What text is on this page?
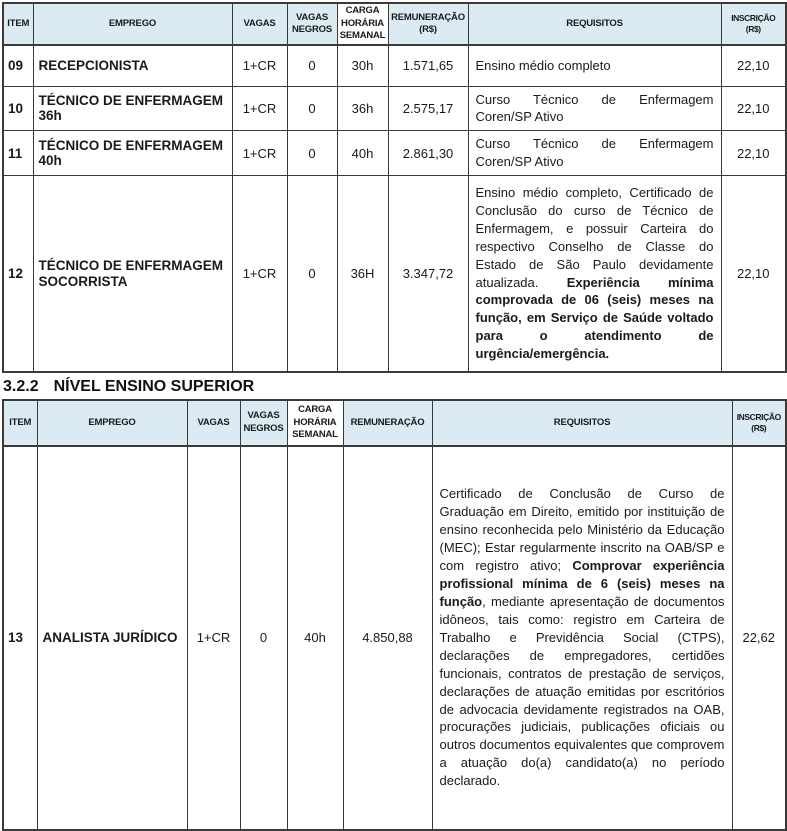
ITEM	EMPREGO	VAGAS	VAGAS NEGROS	CARGA HORÁRIA SEMANAL	REMUNERAÇÃO (R$)	REQUISITOS	INSCRIÇÃO (R$)
09	RECEPCIONISTA	1+CR	0	30h	1.571,65	Ensino médio completo	22,10
10	TÉCNICO DE ENFERMAGEM 36h	1+CR	0	36h	2.575,17	Curso Técnico de Enfermagem Coren/SP Ativo	22,10
11	TÉCNICO DE ENFERMAGEM 40h	1+CR	0	40h	2.861,30	Curso Técnico de Enfermagem Coren/SP Ativo	22,10
12	TÉCNICO DE ENFERMAGEM SOCORRISTA	1+CR	0	36H	3.347,72	Ensino médio completo, Certificado de Conclusão do curso de Técnico de Enfermagem, e possuir Carteira do respectivo Conselho de Classe do Estado de São Paulo devidamente atualizada. Experiência mínima comprovada de 06 (seis) meses na função, em Serviço de Saúde voltado para o atendimento de urgência/emergência.	22,10
3.2.2 NÍVEL ENSINO SUPERIOR
ITEM	EMPREGO	VAGAS	VAGAS NEGROS	CARGA HORÁRIA SEMANAL	REMUNERAÇÃO	REQUISITOS	INSCRIÇÃO (R$)
13	ANALISTA JURÍDICO	1+CR	0	40h	4.850,88	Certificado de Conclusão de Curso de Graduação em Direito, emitido por instituição de ensino reconhecida pelo Ministério da Educação (MEC); Estar regularmente inscrito na OAB/SP e com registro ativo; Comprovar experiência profissional mínima de 6 (seis) meses na função, mediante apresentação de documentos idôneos, tais como: registro em Carteira de Trabalho e Previdência Social (CTPS), declarações de empregadores, certidões funcionais, contratos de prestação de serviços, declarações de atuação emitidas por escritórios de advocacia devidamente registrados na OAB, procurações judiciais, publicações oficiais ou outros documentos equivalentes que comprovem a atuação do(a) candidato(a) no período declarado.	22,62
